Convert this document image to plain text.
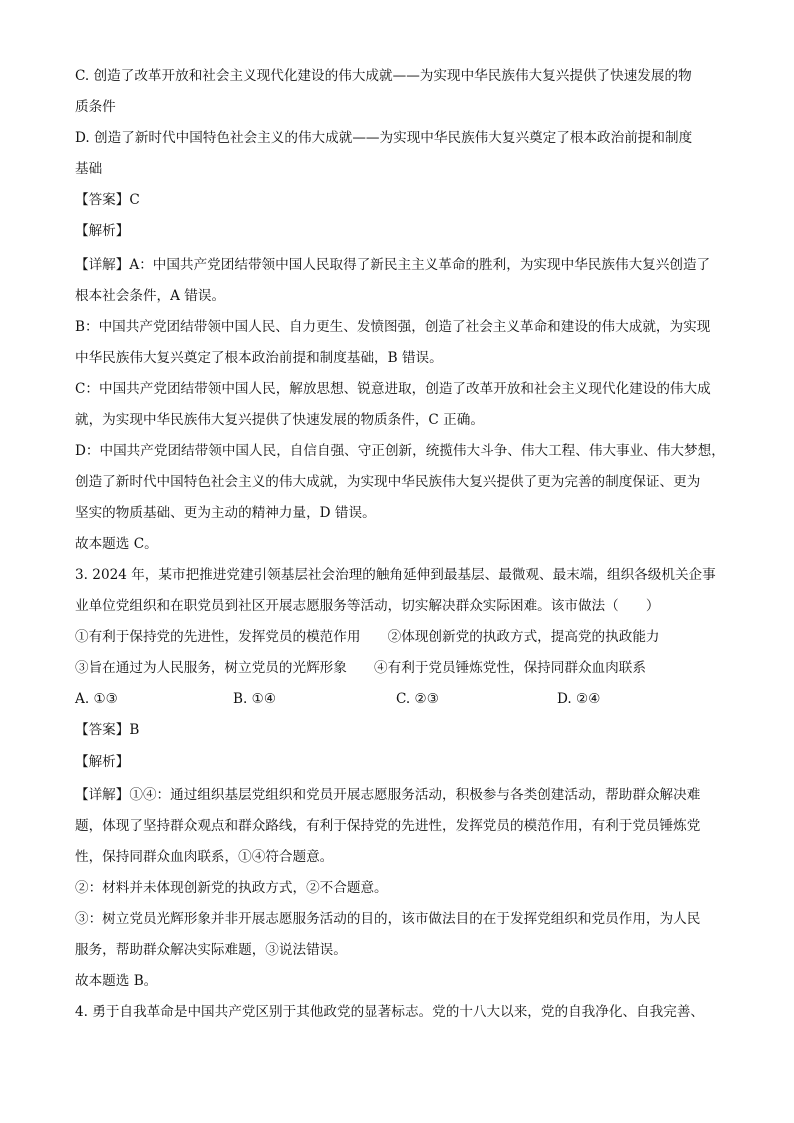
C. 创造了改革开放和社会主义现代化建设的伟大成就——为实现中华民族伟大复兴提供了快速发展的物
质条件
D. 创造了新时代中国特色社会主义的伟大成就——为实现中华民族伟大复兴奠定了根本政治前提和制度
基础
【答案】C
【解析】
【详解】A：中国共产党团结带领中国人民取得了新民主主义革命的胜利，为实现中华民族伟大复兴创造了
根本社会条件，A 错误。
B：中国共产党团结带领中国人民、自力更生、发愤图强，创造了社会主义革命和建设的伟大成就，为实现
中华民族伟大复兴奠定了根本政治前提和制度基础，B 错误。
C：中国共产党团结带领中国人民，解放思想、锐意进取，创造了改革开放和社会主义现代化建设的伟大成
就，为实现中华民族伟大复兴提供了快速发展的物质条件，C 正确。
D：中国共产党团结带领中国人民，自信自强、守正创新，统揽伟大斗争、伟大工程、伟大事业、伟大梦想，
创造了新时代中国特色社会主义的伟大成就，为实现中华民族伟大复兴提供了更为完善的制度保证、更为
坚实的物质基础、更为主动的精神力量，D 错误。
故本题选 C。
3. 2024 年，某市把推进党建引领基层社会治理的触角延伸到最基层、最微观、最末端，组织各级机关企事
业单位党组织和在职党员到社区开展志愿服务等活动，切实解决群众实际困难。该市做法（　　）
①有利于保持党的先进性，发挥党员的模范作用　　②体现创新党的执政方式，提高党的执政能力
③旨在通过为人民服务，树立党员的光辉形象　　④有利于党员锤炼党性，保持同群众血肉联系
A. ①③	B. ①④	C. ②③	D. ②④
【答案】B
【解析】
【详解】①④：通过组织基层党组织和党员开展志愿服务活动，积极参与各类创建活动，帮助群众解决难
题，体现了坚持群众观点和群众路线，有利于保持党的先进性，发挥党员的模范作用，有利于党员锤炼党
性，保持同群众血肉联系，①④符合题意。
②：材料并未体现创新党的执政方式，②不合题意。
③：树立党员光辉形象并非开展志愿服务活动的目的，该市做法目的在于发挥党组织和党员作用，为人民
服务，帮助群众解决实际难题，③说法错误。
故本题选 B。
4. 勇于自我革命是中国共产党区别于其他政党的显著标志。党的十八大以来，党的自我净化、自我完善、
